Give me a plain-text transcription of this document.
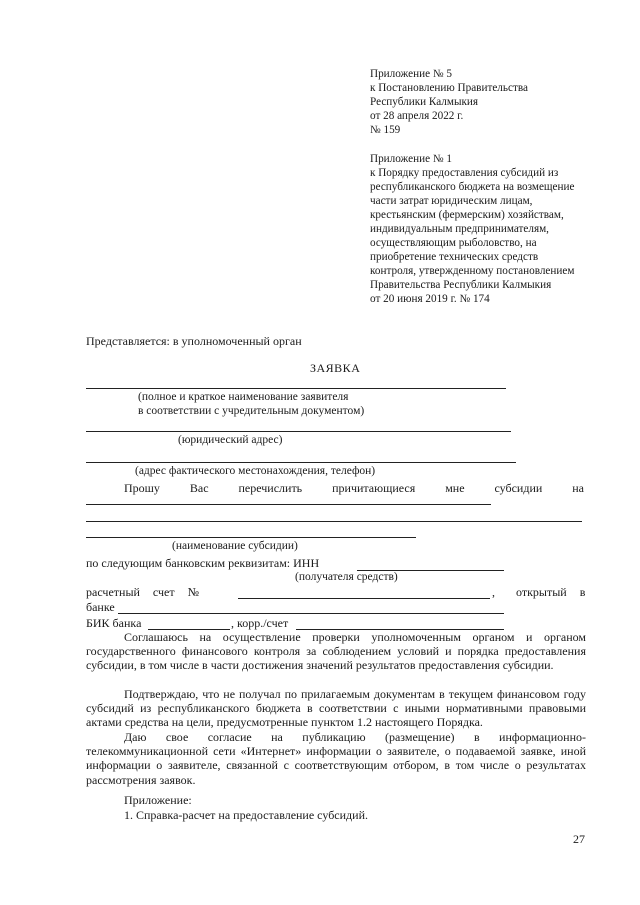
Приложение № 5
к Постановлению Правительства
Республики Калмыкия
от 28 апреля 2022 г.
№ 159
Приложение № 1
к Порядку предоставления субсидий из
республиканского бюджета на возмещение
части затрат юридическим лицам,
крестьянским (фермерским) хозяйствам,
индивидуальным предпринимателям,
осуществляющим рыболовство, на
приобретение технических средств
контроля, утвержденному постановлением
Правительства Республики Калмыкия
от 20 июня 2019 г. № 174
Представляется: в уполномоченный орган
ЗАЯВКА
(полное и краткое наименование заявителя
в соответствии с учредительным документом)
(юридический адрес)
(адрес фактического местонахождения, телефон)
Прошу Вас перечислить причитающиеся мне субсидии на
(наименование субсидии)
по следующим банковским реквизитам: ИНН
(получателя средств)
расчетный счет №	, открытый в
банке
БИК банка	, корр./счет
Соглашаюсь на осуществление проверки уполномоченным органом и органом государственного финансового контроля за соблюдением условий и порядка предоставления субсидии, в том числе в части достижения значений результатов предоставления субсидии.
Подтверждаю, что не получал по прилагаемым документам в текущем финансовом году субсидий из республиканского бюджета в соответствии с иными нормативными правовыми актами средства на цели, предусмотренные пунктом 1.2 настоящего Порядка.
Даю свое согласие на публикацию (размещение) в информационно-телекоммуникационной сети «Интернет» информации о заявителе, о подаваемой заявке, иной информации о заявителе, связанной с соответствующим отбором, в том числе о результатах рассмотрения заявок.
Приложение:
1. Справка-расчет на предоставление субсидий.
27
